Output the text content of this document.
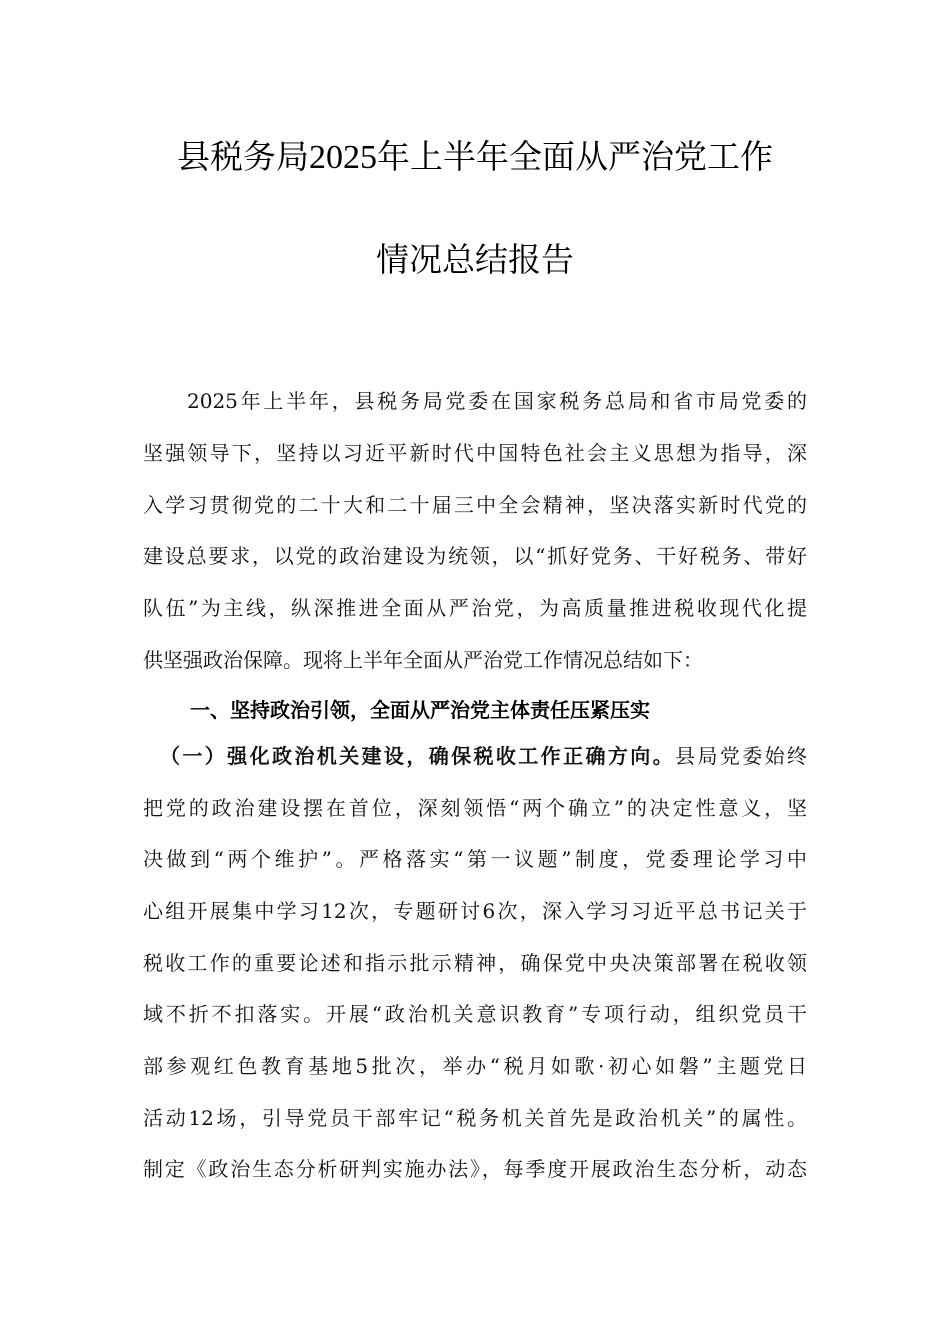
县税务局2025年上半年全面从严治党工作
情况总结报告
2025年上半年，县税务局党委在国家税务总局和省市局党委的
坚强领导下，坚持以习近平新时代中国特色社会主义思想为指导，深
入学习贯彻党的二十大和二十届三中全会精神，坚决落实新时代党的
建设总要求，以党的政治建设为统领，以“抓好党务、干好税务、带好
队伍”为主线，纵深推进全面从严治党，为高质量推进税收现代化提
供坚强政治保障。现将上半年全面从严治党工作情况总结如下：
一、坚持政治引领，全面从严治党主体责任压紧压实
（一）强化政治机关建设，确保税收工作正确方向。县局党委始终
把党的政治建设摆在首位，深刻领悟“两个确立”的决定性意义，坚
决做到“两个维护”。严格落实“第一议题”制度，党委理论学习中
心组开展集中学习12次，专题研讨6次，深入学习习近平总书记关于
税收工作的重要论述和指示批示精神，确保党中央决策部署在税收领
域不折不扣落实。开展“政治机关意识教育”专项行动，组织党员干
部参观红色教育基地5批次，举办“税月如歌·初心如磐”主题党日
活动12场，引导党员干部牢记“税务机关首先是政治机关”的属性。
制定《政治生态分析研判实施办法》，每季度开展政治生态分析，动态
